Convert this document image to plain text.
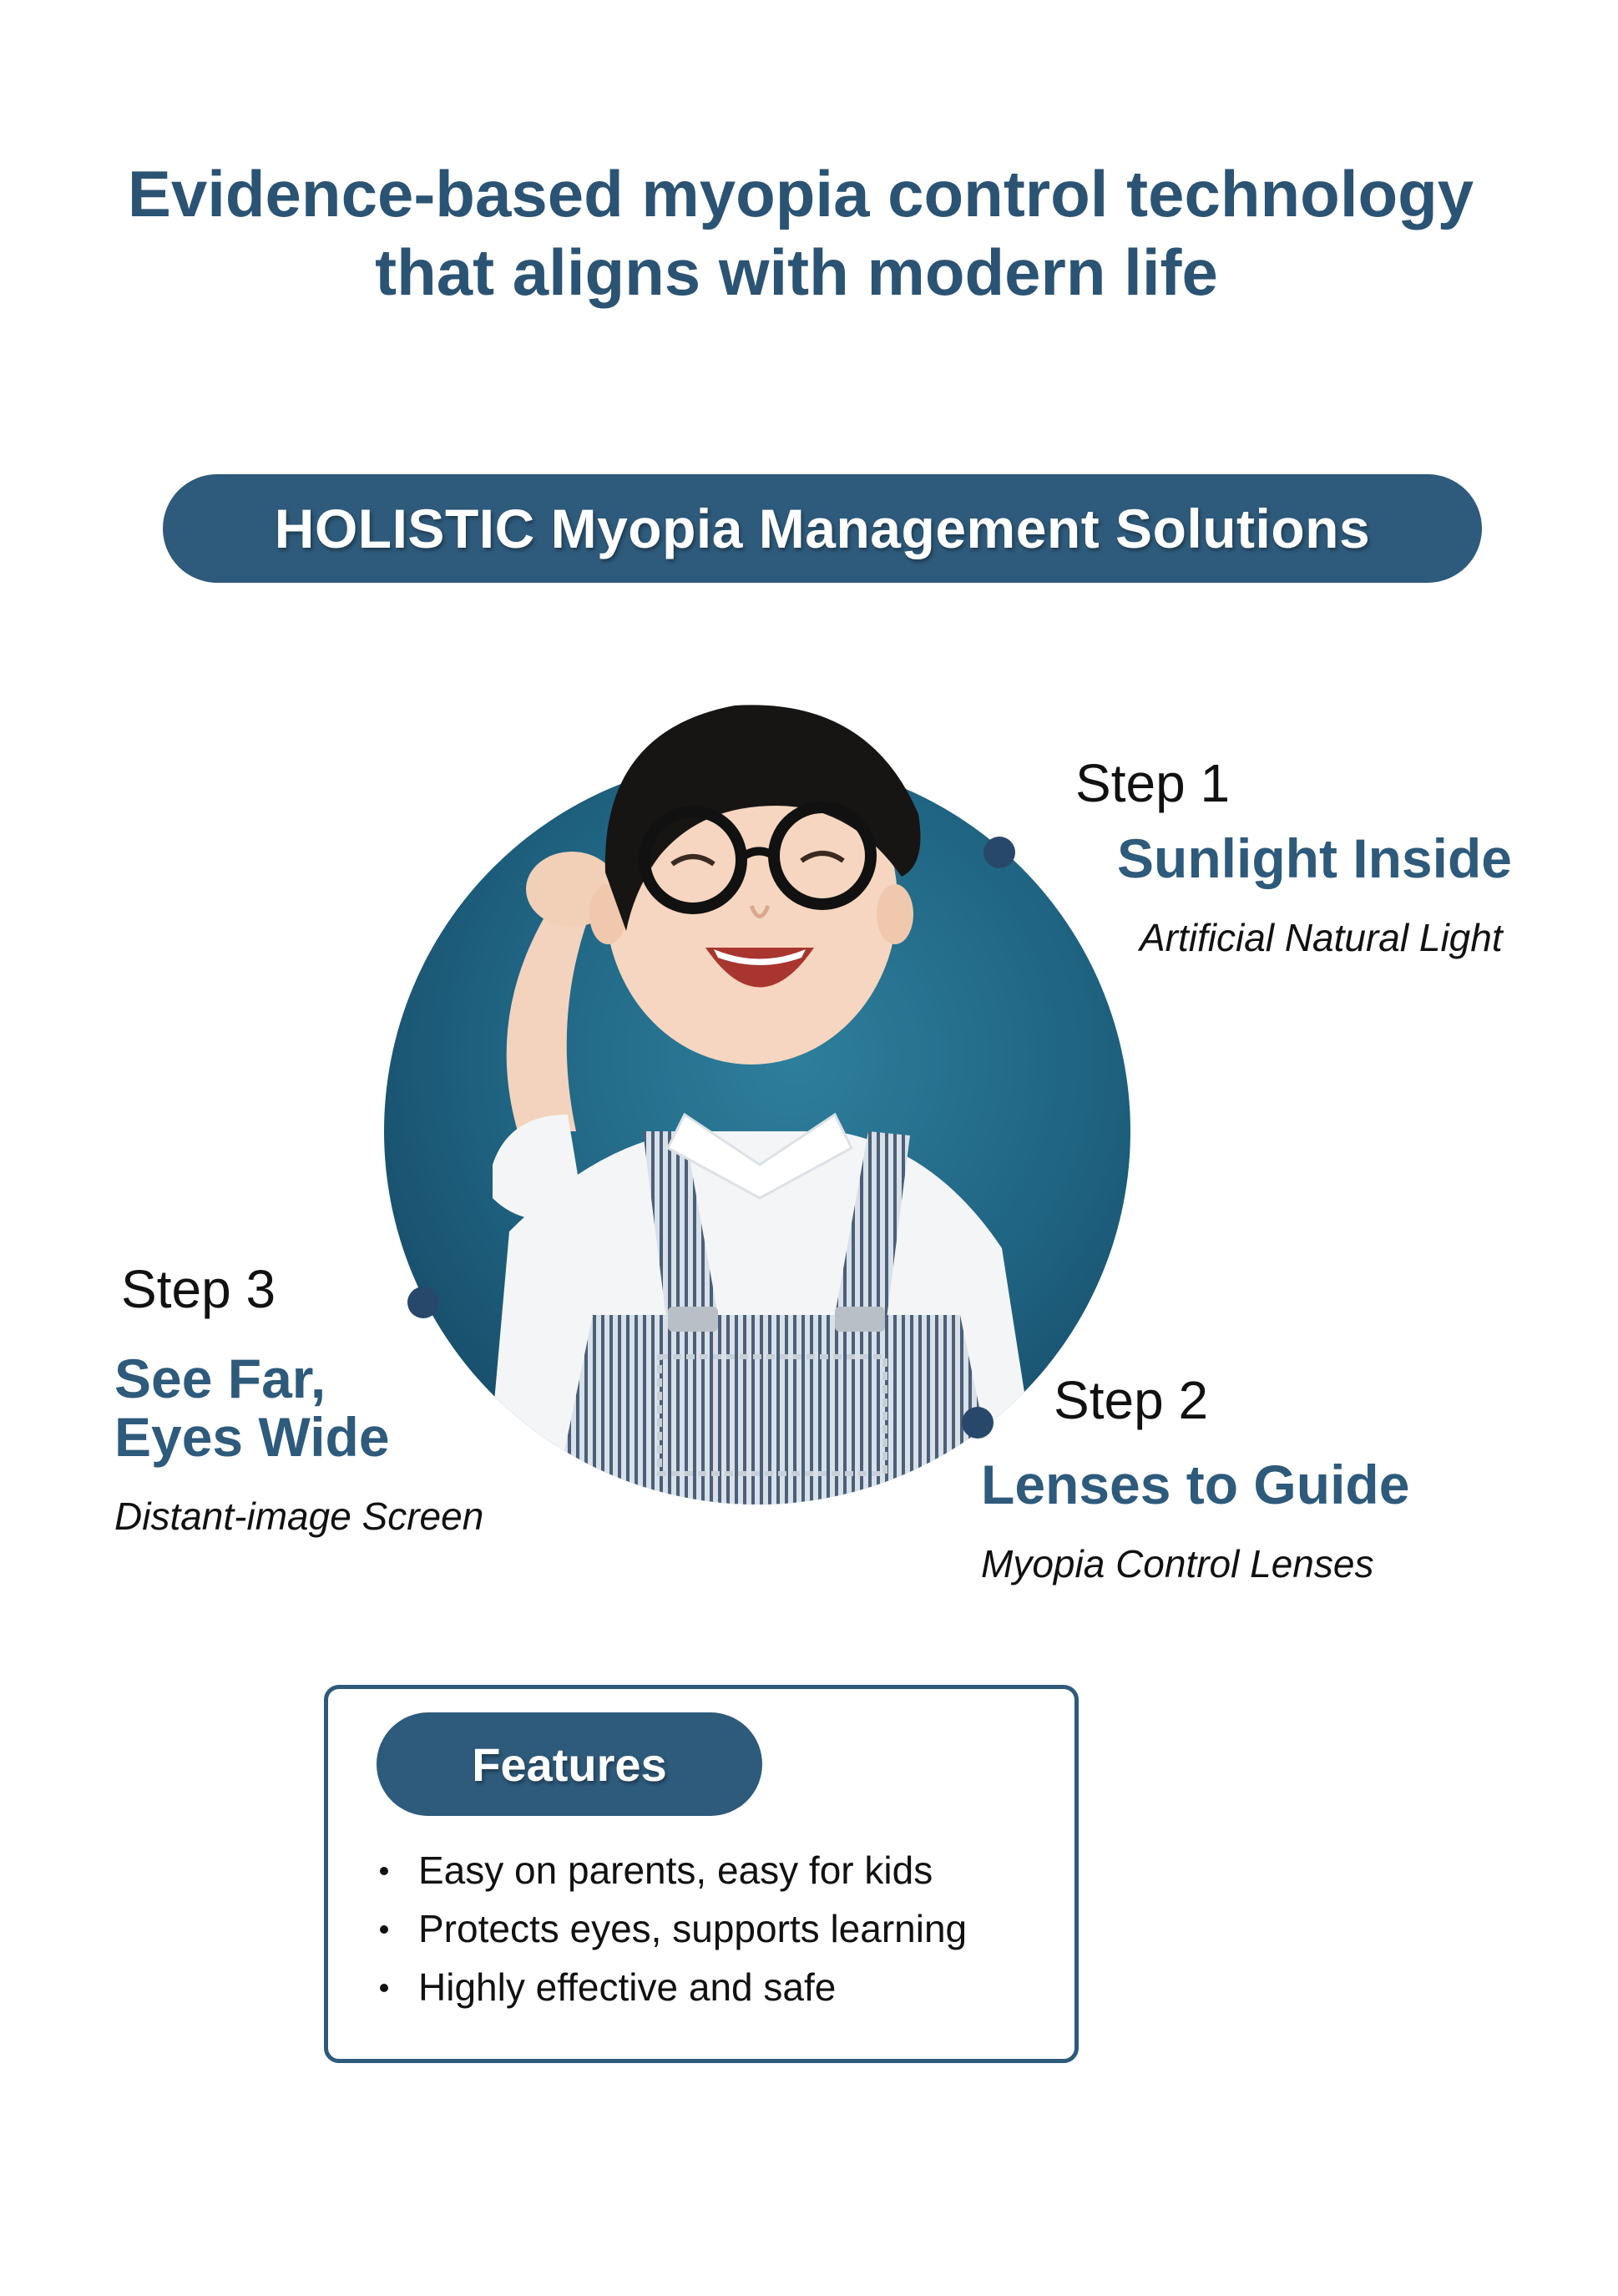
Evidence-based myopia control technology
that aligns with modern life
HOLISTIC Myopia Management Solutions
Step 1
Sunlight Inside
Artificial Natural Light
Step 2
Lenses to Guide
Myopia Control Lenses
Step 3
See Far,
Eyes Wide
Distant-image Screen
Features
Easy on parents, easy for kids
Protects eyes, supports learning
Highly effective and safe
